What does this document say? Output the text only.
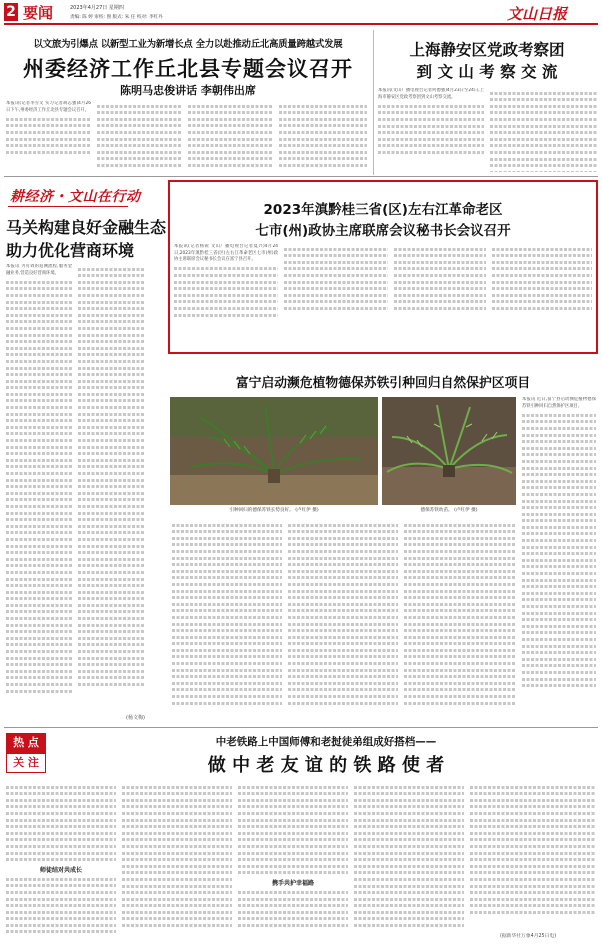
2 要闻	2023年4月27日 星期四
责编: 陈 婷 审校: 图 版式: 朱 任 校对: 李红丹	文山日报
以文旅为引爆点 以新型工业为新增长点 全力以赴推动丘北高质量跨越式发展
州委经济工作丘北县专题会议召开
陈明马忠俊讲话 李朝伟出席
本报讯(记者李雪文 实习记者胡志强)4月26日下午,州委经济工作丘北县专题会议召开。
上海静安区党政考察团
到 文 山 考 察 交 流
本报讯(文山广播电视台记者何德强)4月23日至24日,上海市静安区党政考察团到文山考察交流。
耕经济・文山在行动
马关构建良好金融生态
助力优化营商环境
本报讯 为有效的追溯流程,服务金融业务,营造良好营商环境。
(杨文梅)
2023年滇黔桂三省(区)左右江革命老区
七市(州)政协主席联席会议秘书长会议召开
本报讯(记者杨锐 文山广播电视台记者夏兴)4月24日,2023年滇黔桂三省(区)左右江革命老区七市(州)政协主席联席会议秘书长会议在富宁县召开。
富宁启动濒危植物德保苏铁引种回归自然保护区项目
引种回归的德保苏铁长势良好。 (卢红伊 摄)	德保苏铁幼苗。 (卢红伊 摄)
本报讯 近日,富宁县启动濒危植物德保苏铁引种回归自然保护区项目。
热 点
关 注
中老铁路上中国师傅和老挝徒弟组成好搭档——
做 中 老 友 谊 的 铁 路 使 者
师徒结对共成长
携手共护幸福路
(据新华社万象4月25日电)
